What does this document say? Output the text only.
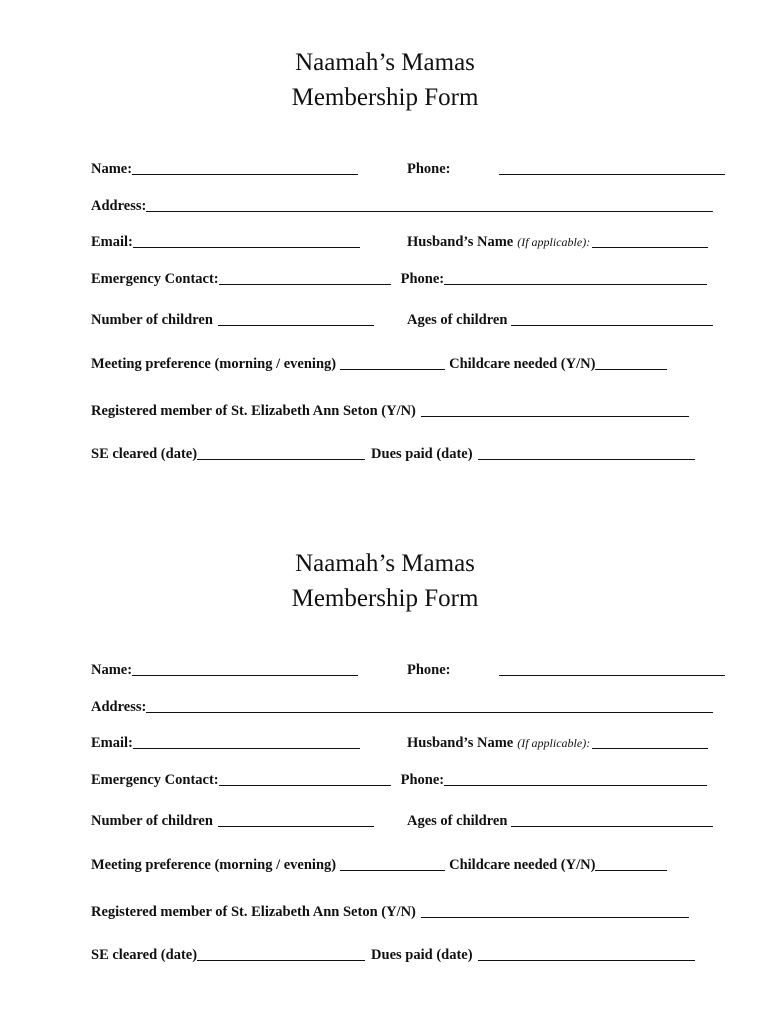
Naamah’s Mamas
Membership Form
Name:	Phone:
Address:
Email:	Husband’s Name (If applicable):
Emergency Contact:	Phone:
Number of children	Ages of children
Meeting preference (morning / evening)	Childcare needed (Y/N)
Registered member of St. Elizabeth Ann Seton (Y/N)
SE cleared (date)	Dues paid (date)
Naamah’s Mamas
Membership Form
Name:	Phone:
Address:
Email:	Husband’s Name (If applicable):
Emergency Contact:	Phone:
Number of children	Ages of children
Meeting preference (morning / evening)	Childcare needed (Y/N)
Registered member of St. Elizabeth Ann Seton (Y/N)
SE cleared (date)	Dues paid (date)
